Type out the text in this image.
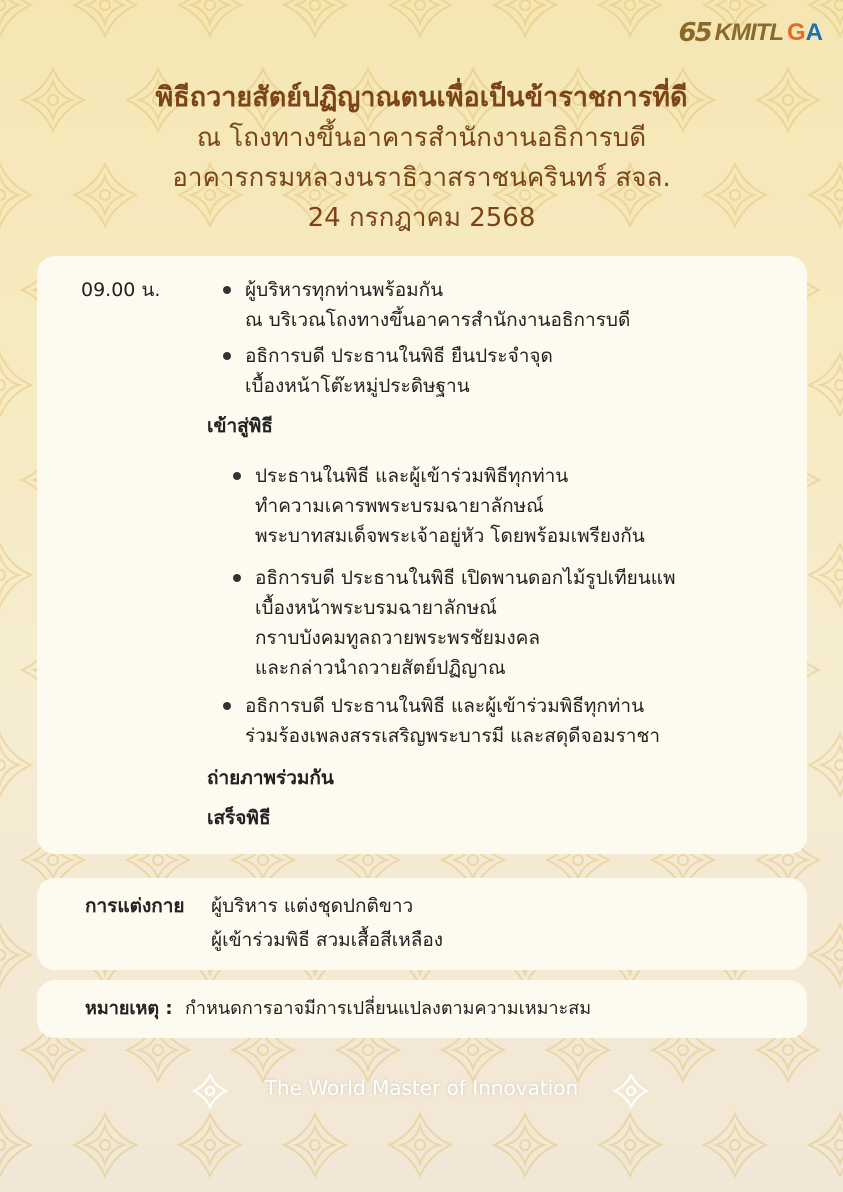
65 KMITL GA
พิธีถวายสัตย์ปฏิญาณตนเพื่อเป็นข้าราชการที่ดี
ณ โถงทางขึ้นอาคารสำนักงานอธิการบดี
อาคารกรมหลวงนราธิวาสราชนครินทร์ สจล.
24 กรกฎาคม 2568
09.00 น.	ผู้บริหารทุกท่านพร้อมกัน
ณ บริเวณโถงทางขึ้นอาคารสำนักงานอธิการบดี
อธิการบดี ประธานในพิธี ยืนประจำจุด
เบื้องหน้าโต๊ะหมู่ประดิษฐาน
เข้าสู่พิธี
ประธานในพิธี และผู้เข้าร่วมพิธีทุกท่าน
ทำความเคารพพระบรมฉายาลักษณ์
พระบาทสมเด็จพระเจ้าอยู่หัว โดยพร้อมเพรียงกัน
อธิการบดี ประธานในพิธี เปิดพานดอกไม้รูปเทียนแพ
เบื้องหน้าพระบรมฉายาลักษณ์
กราบบังคมทูลถวายพระพรชัยมงคล
และกล่าวนำถวายสัตย์ปฏิญาณ
อธิการบดี ประธานในพิธี และผู้เข้าร่วมพิธีทุกท่าน
ร่วมร้องเพลงสรรเสริญพระบารมี และสดุดีจอมราชา
ถ่ายภาพร่วมกัน
เสร็จพิธี
การแต่งกาย ผู้บริหาร แต่งชุดปกติขาว
ผู้เข้าร่วมพิธี สวมเสื้อสีเหลือง
หมายเหตุ : กำหนดการอาจมีการเปลี่ยนแปลงตามความเหมาะสม
The World Master of Innovation
